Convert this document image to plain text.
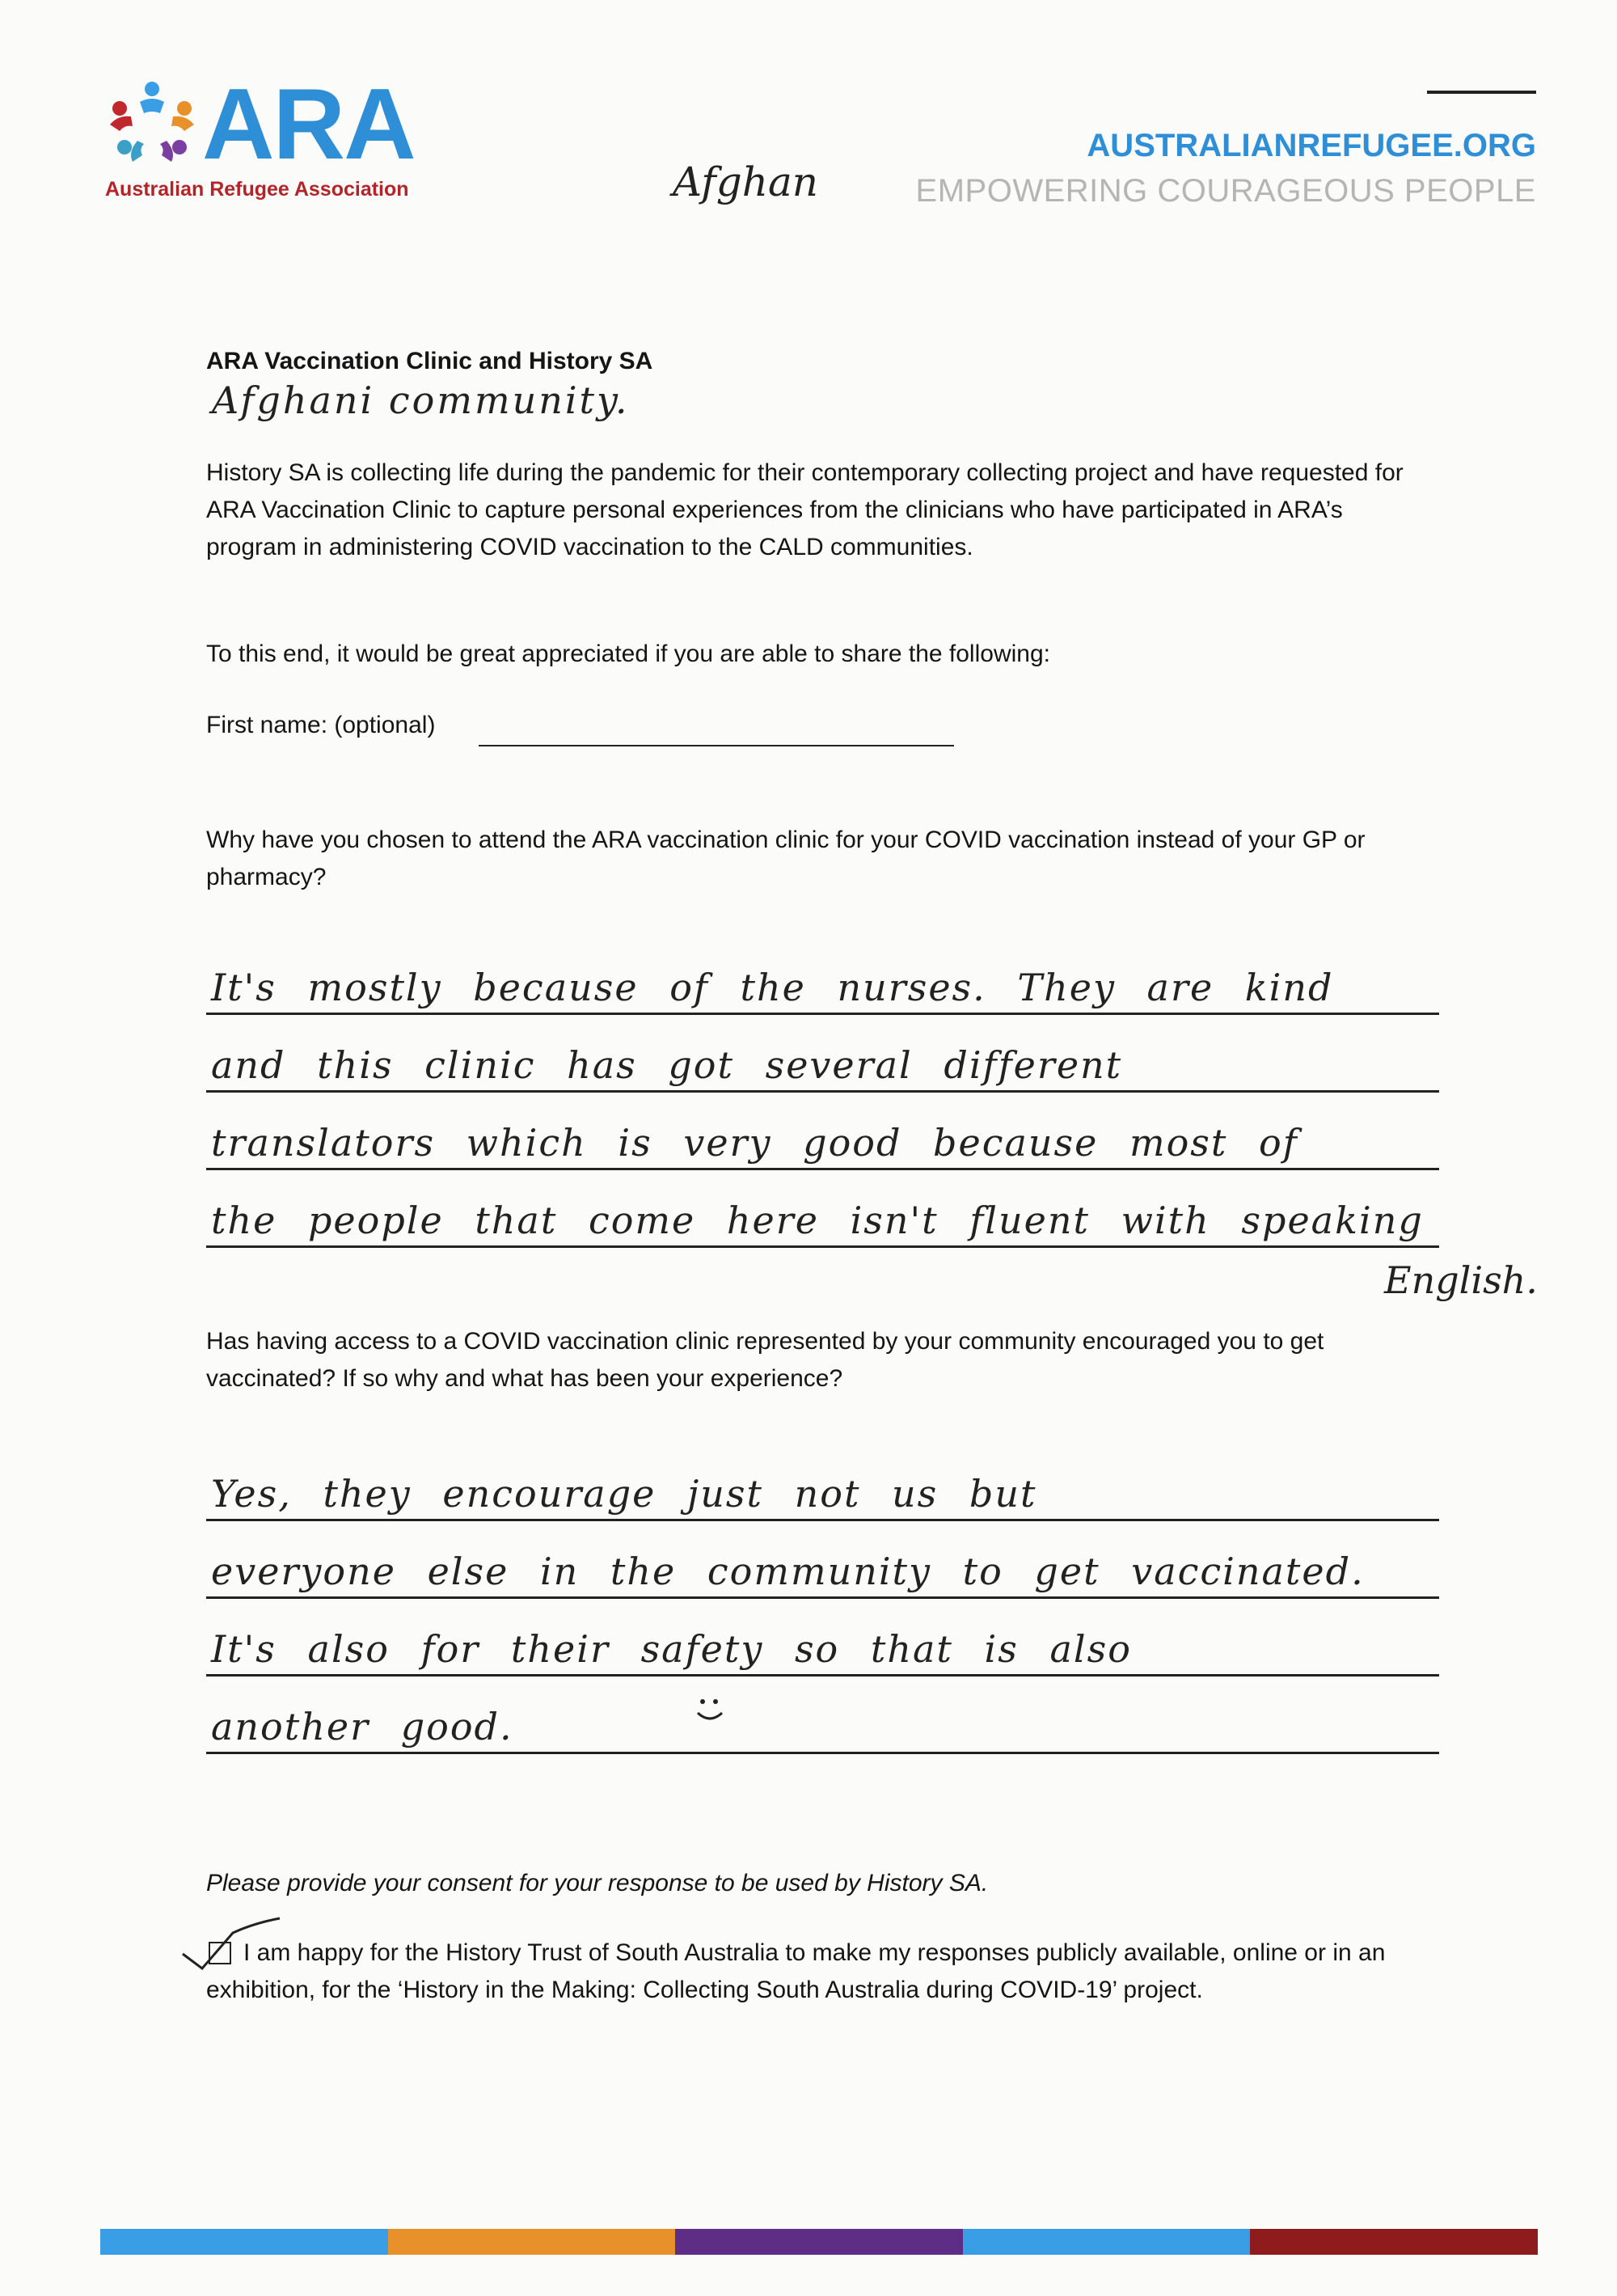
ARA
Australian Refugee Association
AUSTRALIANREFUGEE.ORG
EMPOWERING COURAGEOUS PEOPLE
Afghan
ARA Vaccination Clinic and History SA
Afghani community.
History SA is collecting life during the pandemic for their contemporary collecting project and have requested for ARA Vaccination Clinic to capture personal experiences from the clinicians who have participated in ARA’s program in administering COVID vaccination to the CALD communities.
To this end, it would be great appreciated if you are able to share the following:
First name: (optional)
Why have you chosen to attend the ARA vaccination clinic for your COVID vaccination instead of your GP or pharmacy?
It's mostly because of the nurses. They are kind
and this clinic has got several different
translators which is very good because most of
the people that come here isn't fluent with speaking
English.
Has having access to a COVID vaccination clinic represented by your community encouraged you to get vaccinated? If so why and what has been your experience?
Yes, they encourage just not us but
everyone else in the community to get vaccinated.
It's also for their safety so that is also
another good.
Please provide your consent for your response to be used by History SA.
I am happy for the History Trust of South Australia to make my responses publicly available, online or in an exhibition, for the ‘History in the Making: Collecting South Australia during COVID-19’ project.
